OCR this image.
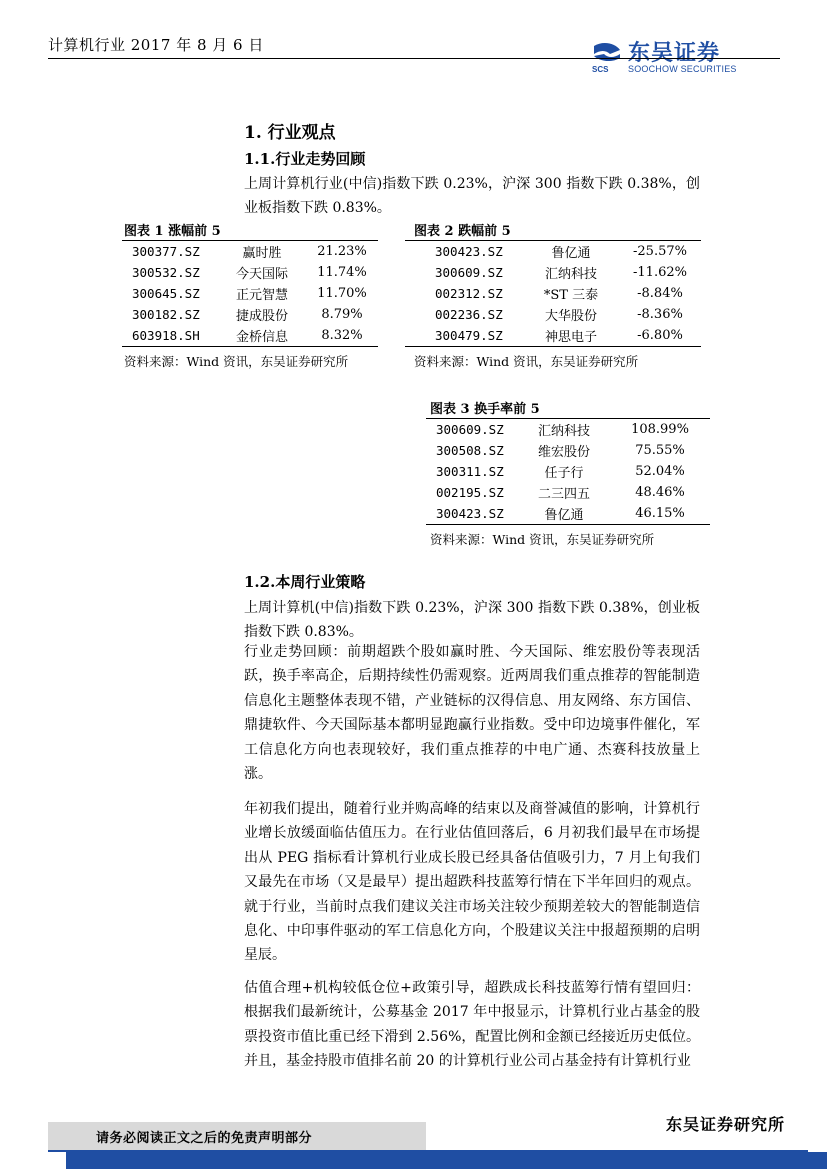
计算机行业 2017 年 8 月 6 日
SCS
东吴证券
SOOCHOW SECURITIES
1. 行业观点
1.1.行业走势回顾
上周计算机行业(中信)指数下跌 0.23%，沪深 300 指数下跌 0.38%，创业板指数下跌 0.83%。
图表 1 涨幅前 5
300377.SZ	赢时胜	21.23%
300532.SZ	今天国际	11.74%
300645.SZ	正元智慧	11.70%
300182.SZ	捷成股份	8.79%
603918.SH	金桥信息	8.32%
资料来源：Wind 资讯，东吴证券研究所
图表 2 跌幅前 5
300423.SZ	鲁亿通	-25.57%
300609.SZ	汇纳科技	-11.62%
002312.SZ	*ST 三泰	-8.84%
002236.SZ	大华股份	-8.36%
300479.SZ	神思电子	-6.80%
资料来源：Wind 资讯，东吴证券研究所
图表 3 换手率前 5
300609.SZ	汇纳科技	108.99%
300508.SZ	维宏股份	75.55%
300311.SZ	任子行	52.04%
002195.SZ	二三四五	48.46%
300423.SZ	鲁亿通	46.15%
资料来源：Wind 资讯，东吴证券研究所
1.2.本周行业策略
上周计算机(中信)指数下跌 0.23%，沪深 300 指数下跌 0.38%，创业板指数下跌 0.83%。
行业走势回顾：前期超跌个股如赢时胜、今天国际、维宏股份等表现活跃，换手率高企，后期持续性仍需观察。近两周我们重点推荐的智能制造信息化主题整体表现不错，产业链标的汉得信息、用友网络、东方国信、鼎捷软件、今天国际基本都明显跑赢行业指数。受中印边境事件催化，军工信息化方向也表现较好，我们重点推荐的中电广通、杰赛科技放量上涨。
年初我们提出，随着行业并购高峰的结束以及商誉减值的影响，计算机行业增长放缓面临估值压力。在行业估值回落后，6 月初我们最早在市场提出从 PEG 指标看计算机行业成长股已经具备估值吸引力，7 月上旬我们又最先在市场（又是最早）提出超跌科技蓝筹行情在下半年回归的观点。就于行业，当前时点我们建议关注市场关注较少预期差较大的智能制造信息化、中印事件驱动的军工信息化方向，个股建议关注中报超预期的启明星辰。
估值合理+机构较低仓位+政策引导，超跌成长科技蓝筹行情有望回归：根据我们最新统计，公募基金 2017 年中报显示，计算机行业占基金的股票投资市值比重已经下滑到 2.56%，配置比例和金额已经接近历史低位。并且，基金持股市值排名前 20 的计算机行业公司占基金持有计算机行业
请务必阅读正文之后的免责声明部分
东吴证券研究所
